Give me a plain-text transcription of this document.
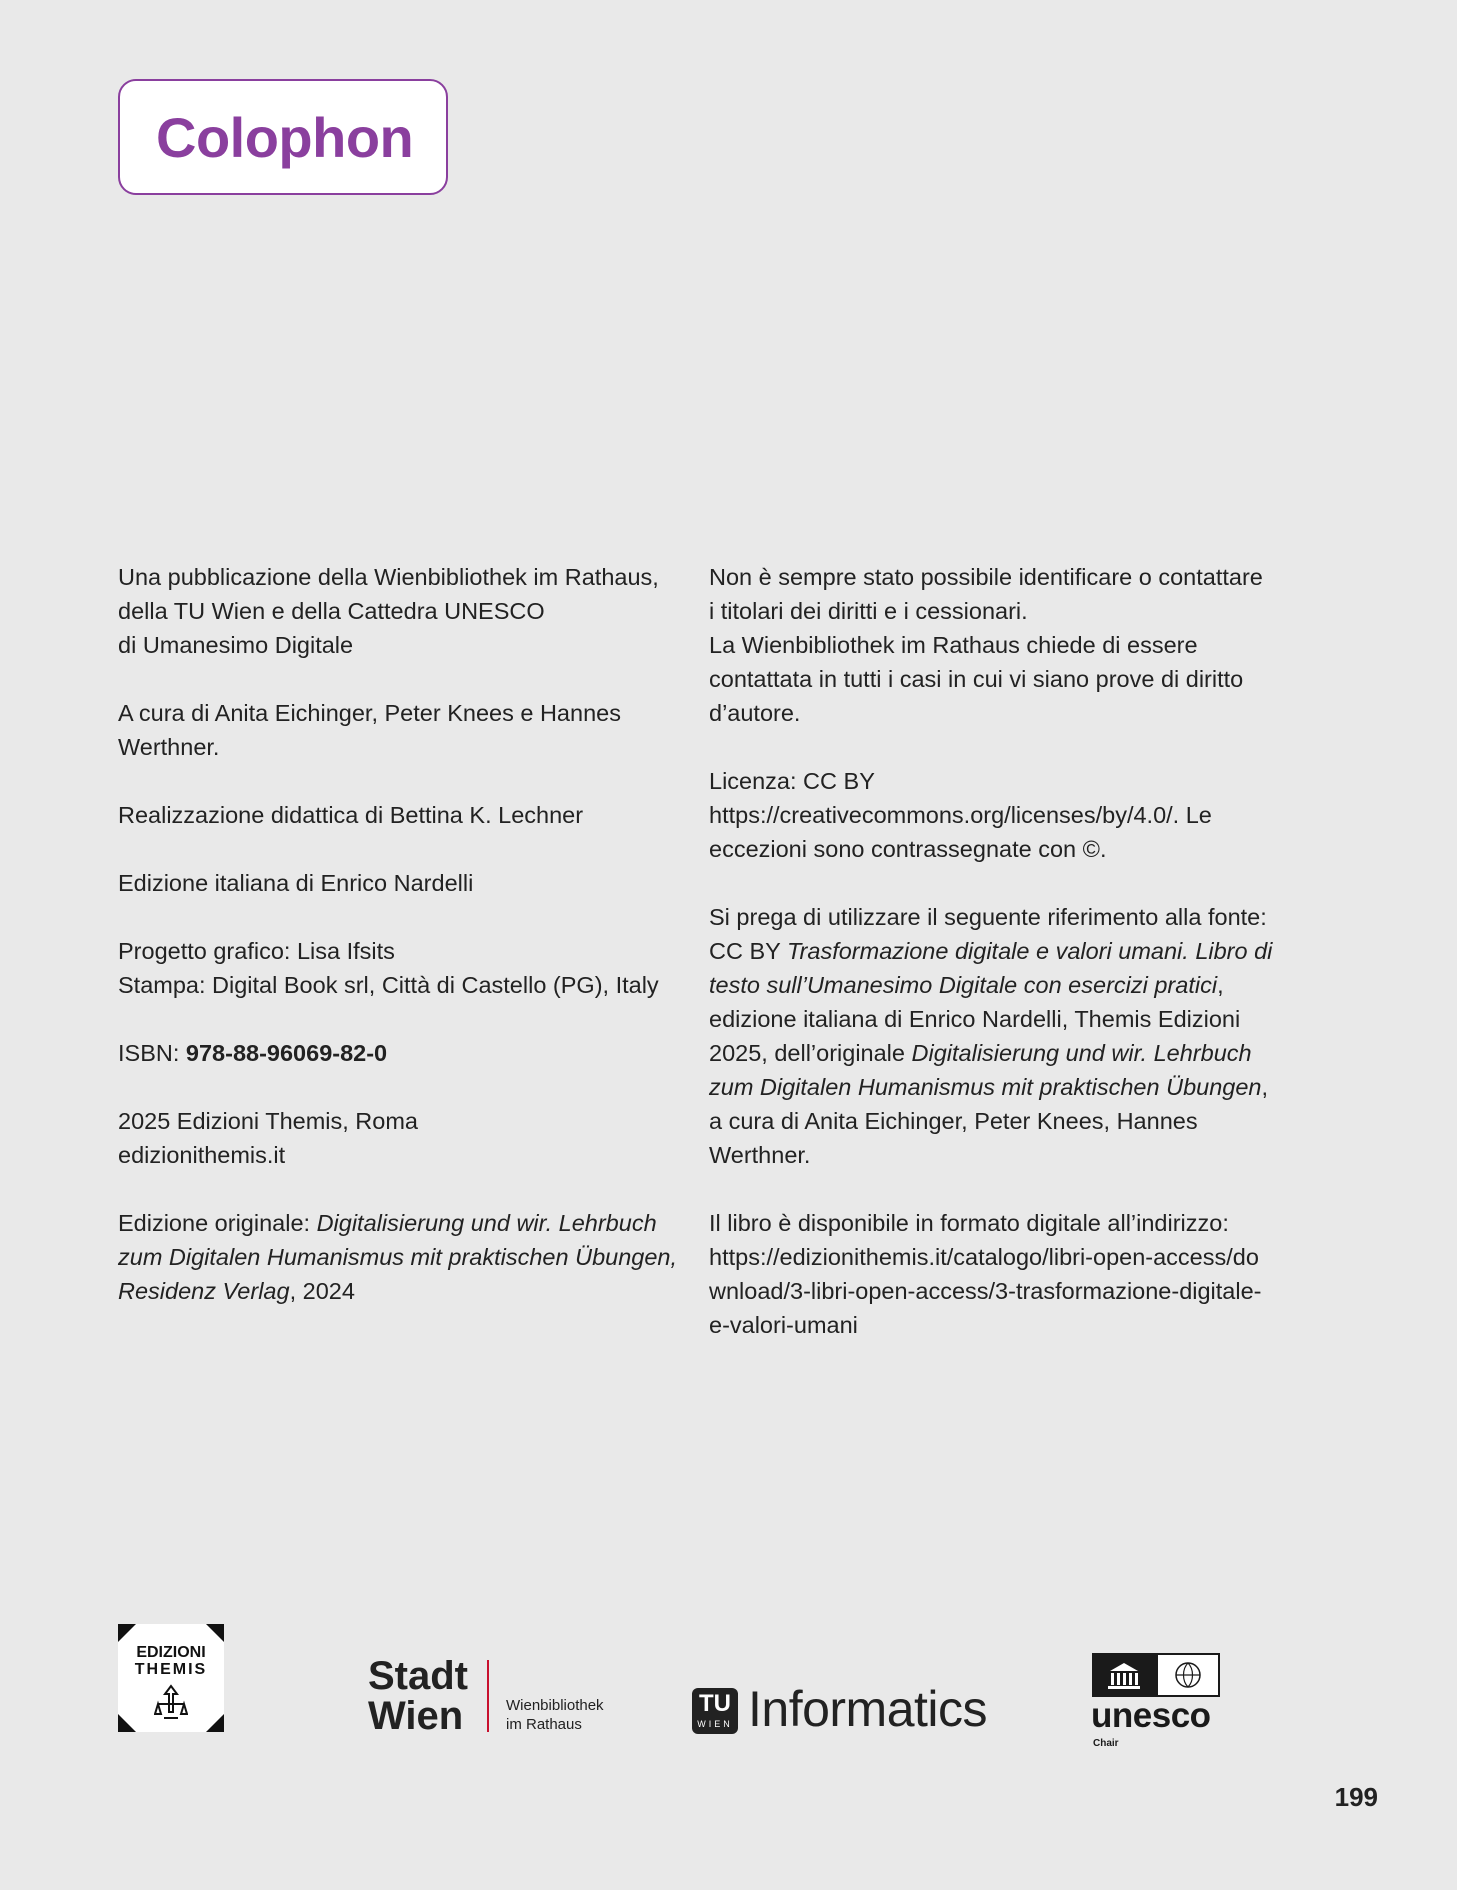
Colophon

Una pubblicazione della Wienbibliothek im Rathaus,
della TU Wien e della Cattedra UNESCO
di Umanesimo Digitale

A cura di Anita Eichinger, Peter Knees e Hannes Werthner.

Realizzazione didattica di Bettina K. Lechner

Edizione italiana di Enrico Nardelli

Progetto grafico: Lisa Ifsits
Stampa: Digital Book srl, Città di Castello (PG), Italy

ISBN: 978-88-96069-82-0

2025 Edizioni Themis, Roma
edizionithemis.it

Edizione originale: Digitalisierung und wir. Lehrbuch zum Digitalen Humanismus mit praktischen Übungen, Residenz Verlag, 2024

Non è sempre stato possibile identificare o contattare i titolari dei diritti e i cessionari.
La Wienbibliothek im Rathaus chiede di essere contattata in tutti i casi in cui vi siano prove di diritto d’autore.

Licenza: CC BY https://creativecommons.org/licenses/by/4.0/. Le eccezioni sono contrassegnate con ©.

Si prega di utilizzare il seguente riferimento alla fonte: CC BY Trasformazione digitale e valori umani. Libro di testo sull’Umanesimo Digitale con esercizi pratici, edizione italiana di Enrico Nardelli, Themis Edizioni 2025, dell’originale Digitalisierung und wir. Lehrbuch zum Digitalen Humanismus mit praktischen Übungen, a cura di Anita Eichinger, Peter Knees, Hannes Werthner.

Il libro è disponibile in formato digitale all’indirizzo:
https://edizionithemis.it/catalogo/libri-open-access/download/3-libri-open-access/3-trasformazione-digitale-e-valori-umani

EDIZIONI
THEMIS	Stadt
Wien	Wienbibliothek
im Rathaus
TU
WIEN Informatics	unesco
Chair
199
